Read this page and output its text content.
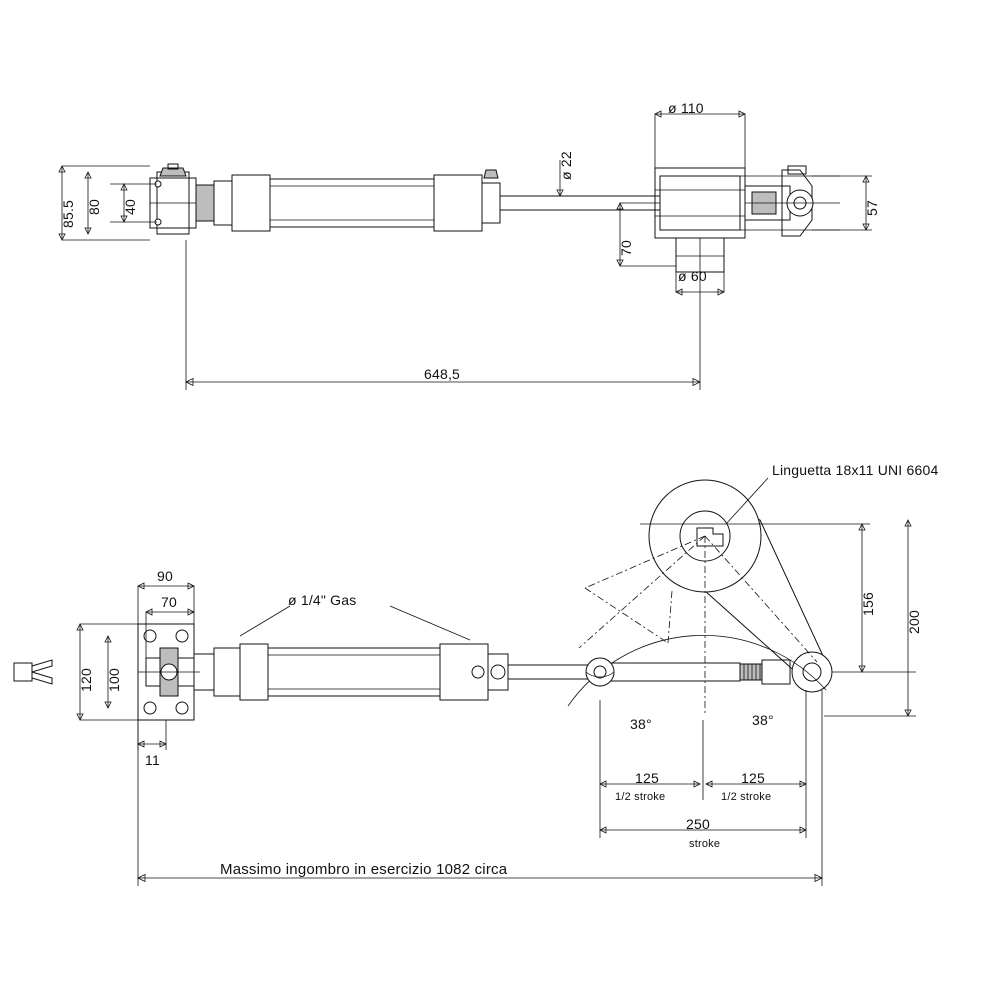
85.5 80 40
ø 110
ø 22
ø 60
70
57
648,5
90
70
120 100
11
ø 1/4" Gas
Linguetta 18x11 UNI 6604
156
200
38°	38°
125
1/2 stroke
125
1/2 stroke
250
stroke
Massimo ingombro in esercizio 1082 circa
